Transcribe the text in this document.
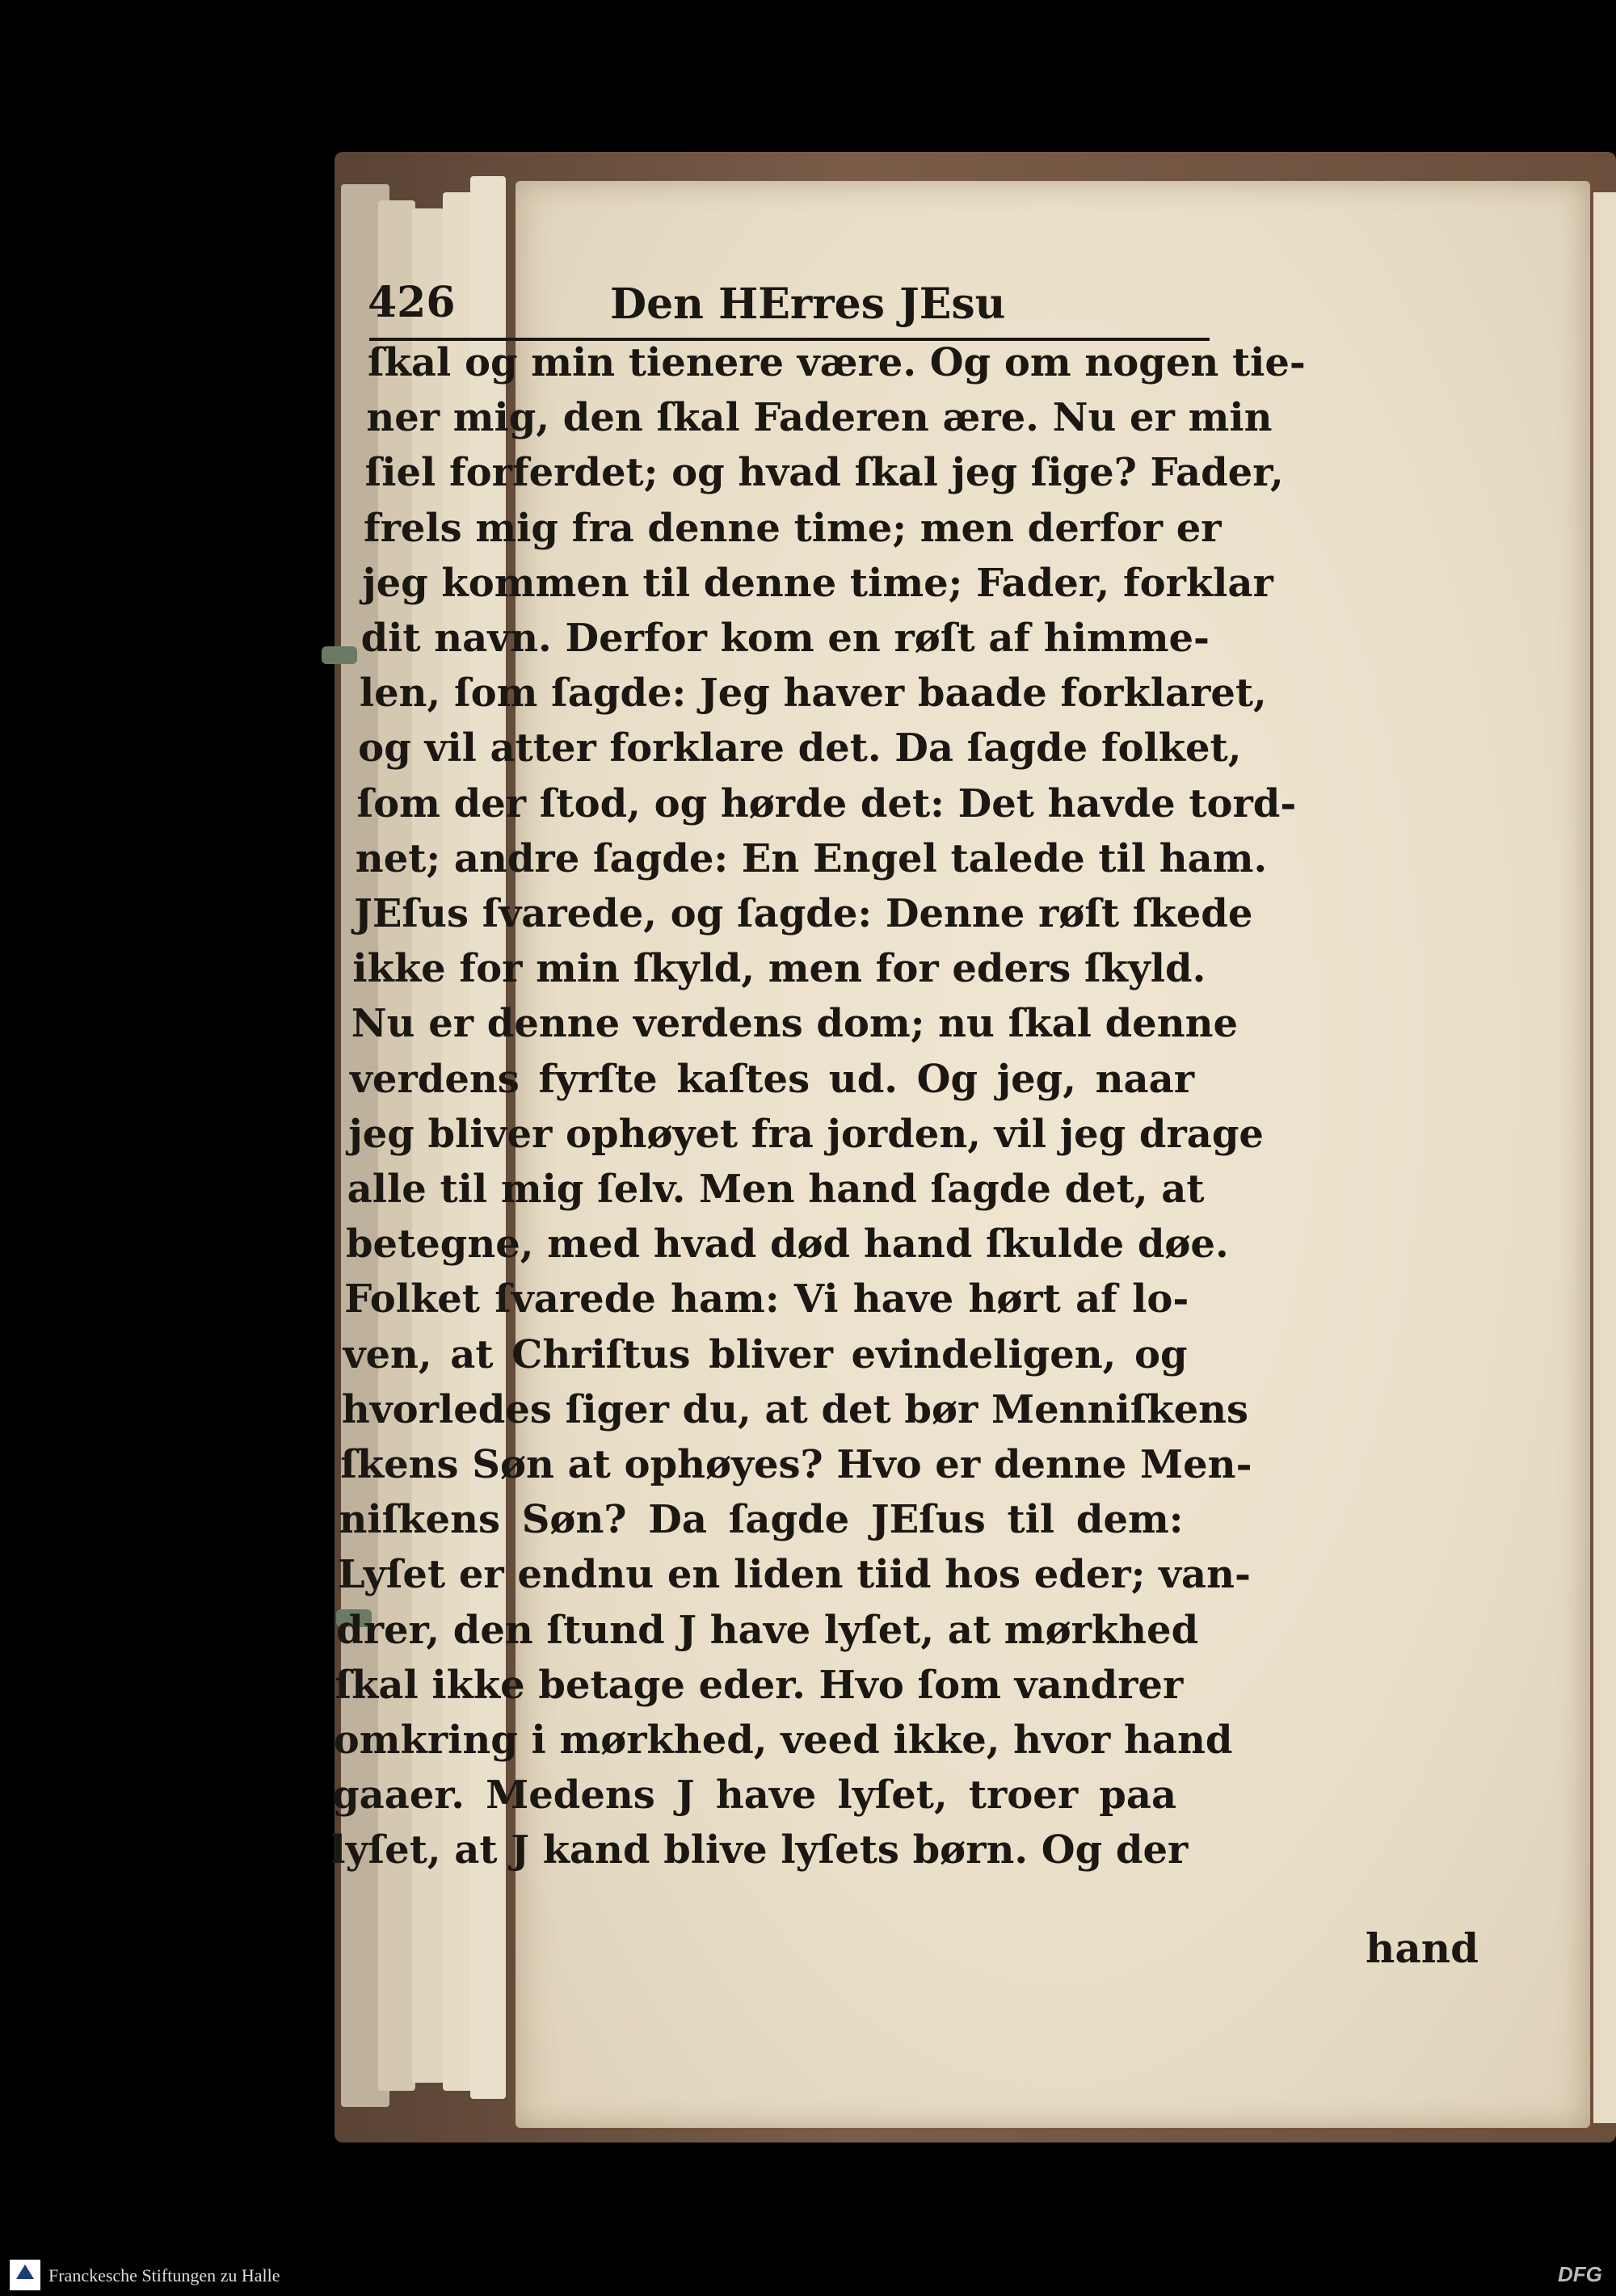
426	Den HErres JEsu
ſkal og min tienere være. Og om nogen tie-
ner mig, den ſkal Faderen ære. Nu er min
ſiel forferdet; og hvad ſkal jeg ſige? Fader,
frels mig fra denne time; men derfor er
jeg kommen til denne time; Fader, forklar
dit navn. Derfor kom en røſt af himme-
len, ſom ſagde: Jeg haver baade forklaret,
og vil atter forklare det. Da ſagde folket,
ſom der ſtod, og hørde det: Det havde tord-
net; andre ſagde: En Engel talede til ham.
JEſus ſvarede, og ſagde: Denne røſt ſkede
ikke for min ſkyld, men for eders ſkyld.
Nu er denne verdens dom; nu ſkal denne
verdens fyrſte kaſtes ud. Og jeg, naar
jeg bliver ophøyet fra jorden, vil jeg drage
alle til mig ſelv. Men hand ſagde det, at
betegne, med hvad død hand ſkulde døe.
Folket ſvarede ham: Vi have hørt af lo-
ven, at Chriſtus bliver evindeligen, og
hvorledes ſiger du, at det bør Menniſkens
ſkens Søn at ophøyes? Hvo er denne Men-
niſkens Søn? Da ſagde JEſus til dem:
Lyſet er endnu en liden tiid hos eder; van-
drer, den ſtund J have lyſet, at mørkhed
ſkal ikke betage eder. Hvo ſom vandrer
omkring i mørkhed, veed ikke, hvor hand
gaaer. Medens J have lyſet, troer paa
lyſet, at J kand blive lyſets børn. Og der
hand
Franckesche Stiftungen zu Halle	DFG
